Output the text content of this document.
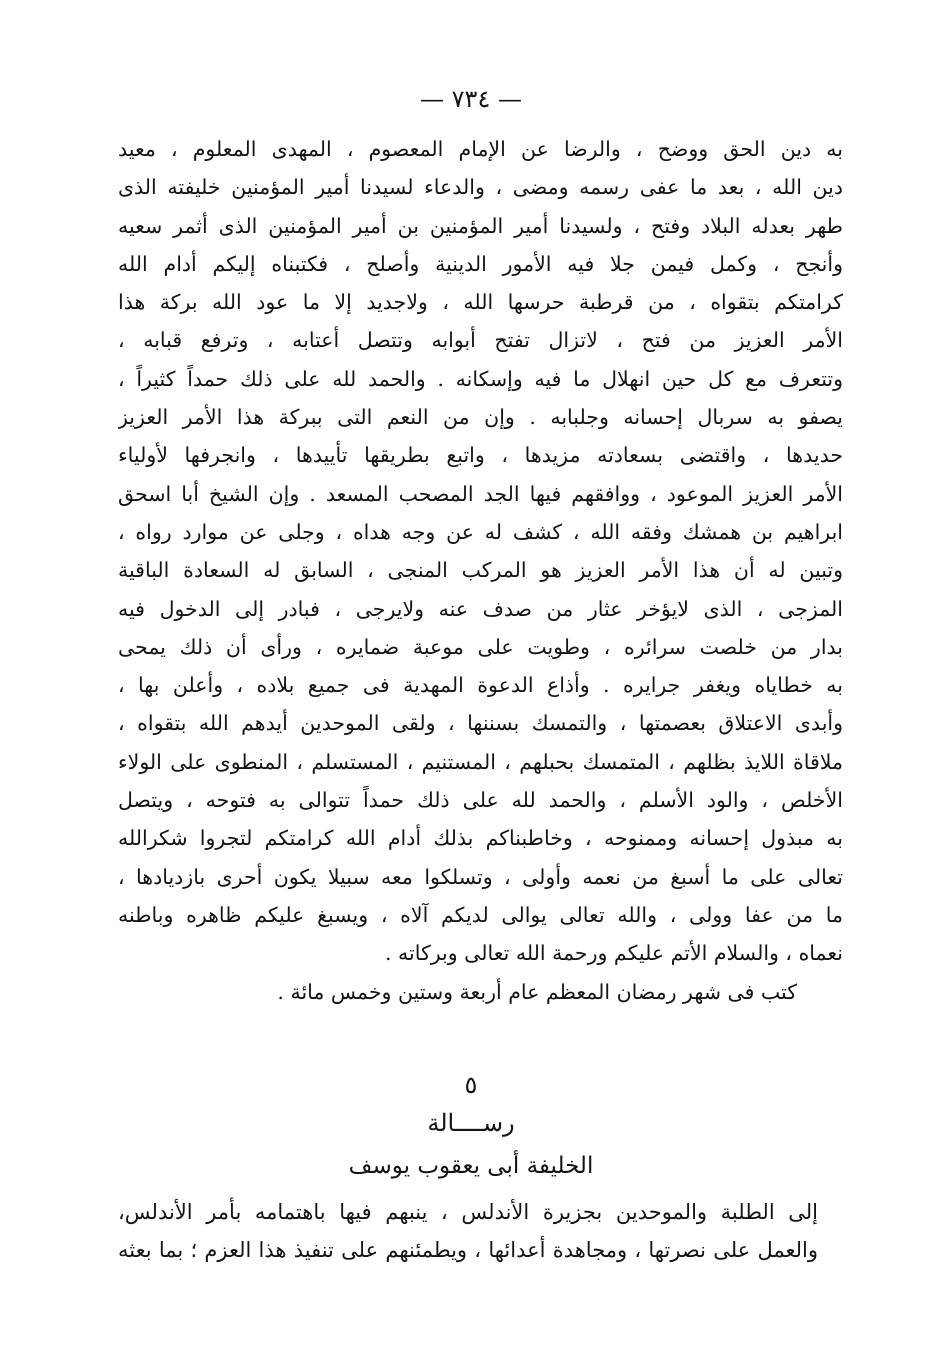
— ٧٣٤ —
به دين الحق ووضح ، والرضا عن الإمام المعصوم ، المهدى المعلوم ، معيد
دين الله ، بعد ما عفى رسمه ومضى ، والدعاء لسيدنا أمير المؤمنين خليفته الذى
طهر بعدله البلاد وفتح ، ولسيدنا أمير المؤمنين بن أمير المؤمنين الذى أثمر سعيه
وأنجح ، وكمل فيمن جلا فيه الأمور الدينية وأصلح ، فكتبناه إليكم أدام الله
كرامتكم بتقواه ، من قرطبة حرسها الله ، ولاجديد إلا ما عود الله بركة هذا
الأمر العزيز من فتح ، لاتزال تفتح أبوابه وتتصل أعتابه ، وترفع قبابه ،
وتتعرف مع كل حين انهلال ما فيه وإسكانه . والحمد لله على ذلك حمداً كثيراً ،
يصفو به سربال إحسانه وجلبابه . وإن من النعم التى ببركة هذا الأمر العزيز
حديدها ، واقتضى بسعادته مزيدها ، واتبع بطريقها تأييدها ، وانجرفها لأولياء
الأمر العزيز الموعود ، ووافقهم فيها الجد المصحب المسعد . وإن الشيخ أبا اسحق
ابراهيم بن همشك وفقه الله ، كشف له عن وجه هداه ، وجلى عن موارد رواه ،
وتبين له أن هذا الأمر العزيز هو المركب المنجى ، السابق له السعادة الباقية
المزجى ، الذى لايؤخر عثار من صدف عنه ولايرجى ، فبادر إلى الدخول فيه
بدار من خلصت سرائره ، وطويت على موعبة ضمايره ، ورأى أن ذلك يمحى
به خطاياه ويغفر جرايره . وأذاع الدعوة المهدية فى جميع بلاده ، وأعلن بها ،
وأبدى الاعتلاق بعصمتها ، والتمسك بسننها ، ولقى الموحدين أيدهم الله بتقواه ،
ملاقاة اللايذ بظلهم ، المتمسك بحبلهم ، المستنيم ، المستسلم ، المنطوى على الولاء
الأخلص ، والود الأسلم ، والحمد لله على ذلك حمداً تتوالى به فتوحه ، ويتصل
به مبذول إحسانه وممنوحه ، وخاطبناكم بذلك أدام الله كرامتكم لتجروا شكرالله
تعالى على ما أسبغ من نعمه وأولى ، وتسلكوا معه سبيلا يكون أحرى بازديادها ،
ما من عفا وولى ، والله تعالى يوالى لديكم آلاه ، ويسبغ عليكم ظاهره وباطنه
نعماه ، والسلام الأتم عليكم ورحمة الله تعالى وبركاته .
كتب فى شهر رمضان المعظم عام أربعة وستين وخمس مائة .
٥
رســــالة
الخليفة أبى يعقوب يوسف
إلى الطلبة والموحدين بجزيرة الأندلس ، ينبهم فيها باهتمامه بأمر الأندلس،
والعمل على نصرتها ، ومجاهدة أعدائها ، ويطمئنهم على تنفيذ هذا العزم ؛ بما بعثه
